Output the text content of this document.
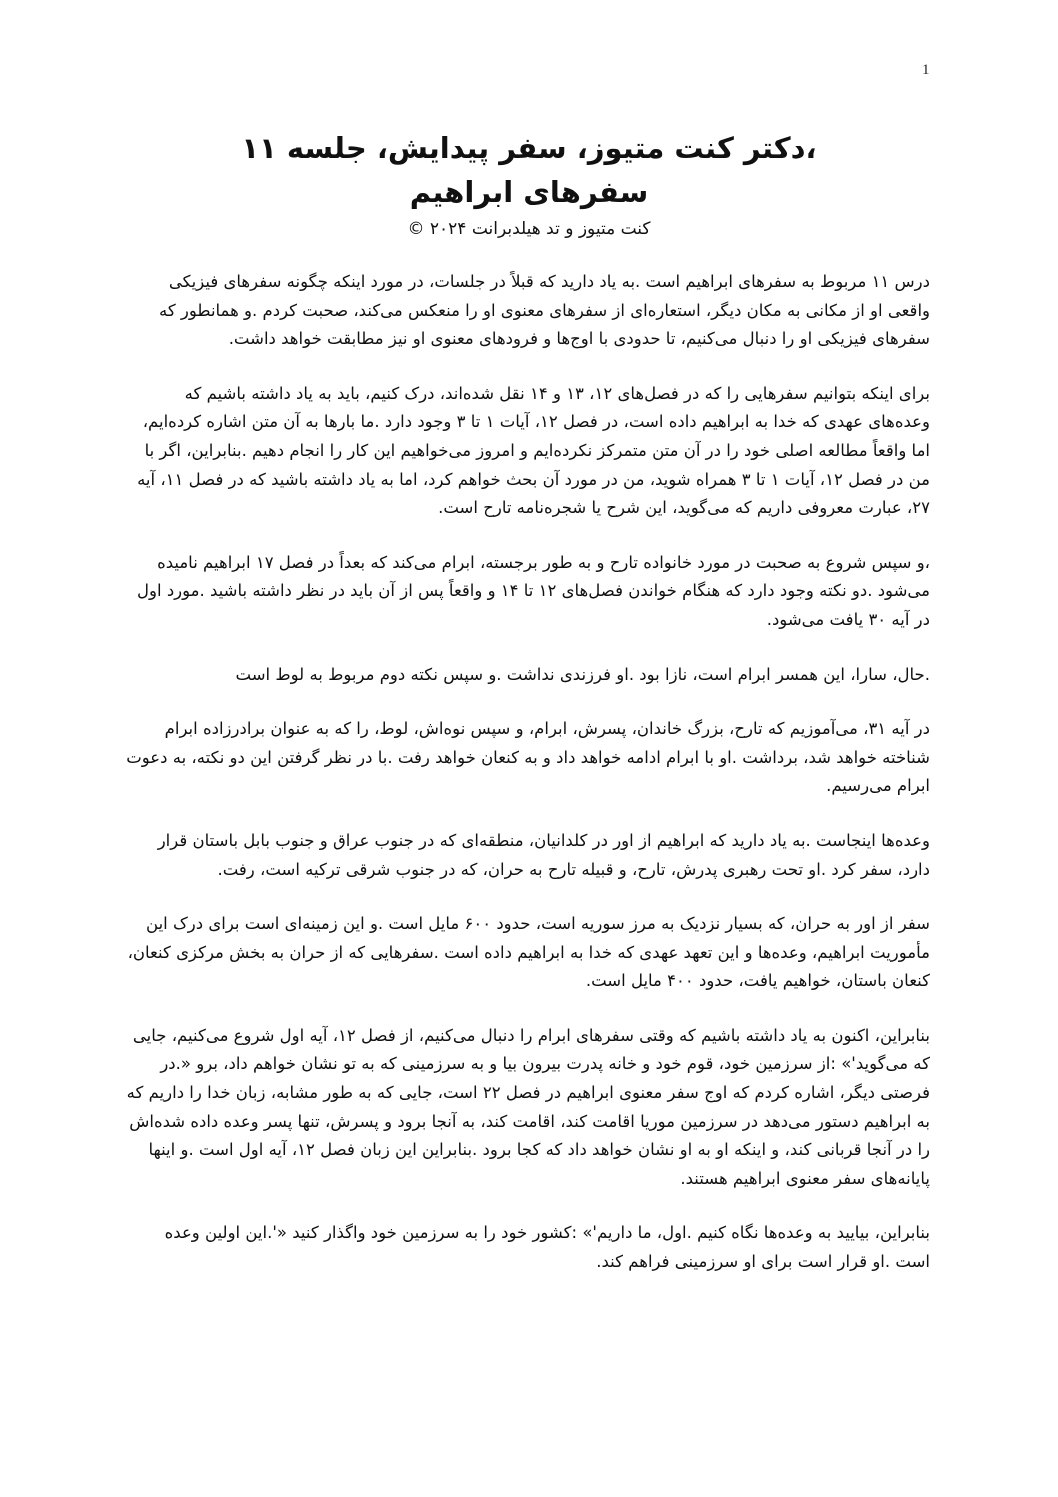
1
،دکتر کنت متیوز، سفر پیدایش، جلسه ۱۱
سفرهای ابراهیم
کنت متیوز و تد هیلدبرانت ۲۰۲۴ ©

درس ۱۱ مربوط به سفرهای ابراهیم است .به یاد دارید که قبلاً در جلسات، در مورد اینکه چگونه سفرهای فیزیکی واقعی او از مکانی به مکان دیگر، استعاره‌ای از سفرهای معنوی او را منعکس می‌کند، صحبت کردم .و همانطور که سفرهای فیزیکی او را دنبال می‌کنیم، تا حدودی با اوج‌ها و فرودهای معنوی او نیز مطابقت خواهد داشت.

برای اینکه بتوانیم سفرهایی را که در فصل‌های ۱۲، ۱۳ و ۱۴ نقل شده‌اند، درک کنیم، باید به یاد داشته باشیم که وعده‌های عهدی که خدا به ابراهیم داده است، در فصل ۱۲، آیات ۱ تا ۳ وجود دارد .ما بارها به آن متن اشاره کرده‌ایم، اما واقعاً مطالعه اصلی خود را در آن متن متمرکز نکرده‌ایم و امروز می‌خواهیم این کار را انجام دهیم .بنابراین، اگر با من در فصل ۱۲، آیات ۱ تا ۳ همراه شوید، من در مورد آن بحث خواهم کرد، اما به یاد داشته باشید که در فصل ۱۱، آیه ۲۷، عبارت معروفی داریم که می‌گوید، این شرح یا شجره‌نامه تارح است.

،و سپس شروع به صحبت در مورد خانواده تارح و به طور برجسته، ابرام می‌کند که بعداً در فصل ۱۷ ابراهیم نامیده می‌شود .دو نکته وجود دارد که هنگام خواندن فصل‌های ۱۲ تا ۱۴ و واقعاً پس از آن باید در نظر داشته باشید .مورد اول در آیه ۳۰ یافت می‌شود.

.حال، سارا، این همسر ابرام است، نازا بود .او فرزندی نداشت .و سپس نکته دوم مربوط به لوط است

در آیه ۳۱، می‌آموزیم که تارح، بزرگ خاندان، پسرش، ابرام، و سپس نوه‌اش، لوط، را که به عنوان برادرزاده ابرام شناخته خواهد شد، برداشت .او با ابرام ادامه خواهد داد و به کنعان خواهد رفت .با در نظر گرفتن این دو نکته، به دعوت ابرام می‌رسیم.

وعده‌ها اینجاست .به یاد دارید که ابراهیم از اور در کلدانیان، منطقه‌ای که در جنوب عراق و جنوب بابل باستان قرار دارد، سفر کرد .او تحت رهبری پدرش، تارح، و قبیله تارح به حران، که در جنوب شرقی ترکیه است، رفت.

سفر از اور به حران، که بسیار نزدیک به مرز سوریه است، حدود ۶۰۰ مایل است .و این زمینه‌ای است برای درک این مأموریت ابراهیم، وعده‌ها و این تعهد عهدی که خدا به ابراهیم داده است .سفرهایی که از حران به بخش مرکزی کنعان، کنعان باستان، خواهیم یافت، حدود ۴۰۰ مایل است.

بنابراین، اکنون به یاد داشته باشیم که وقتی سفرهای ابرام را دنبال می‌کنیم، از فصل ۱۲، آیه اول شروع می‌کنیم، جایی که می‌گوید'» :از سرزمین خود، قوم خود و خانه پدرت بیرون بیا و به سرزمینی که به تو نشان خواهم داد، برو «.در فرصتی دیگر، اشاره کردم که اوج سفر معنوی ابراهیم در فصل ۲۲ است، جایی که به طور مشابه، زبان خدا را داریم که به ابراهیم دستور می‌دهد در سرزمین موریا اقامت کند، اقامت کند، به آنجا برود و پسرش، تنها پسر وعده داده شده‌اش را در آنجا قربانی کند، و اینکه او به او نشان خواهد داد که کجا برود .بنابراین این زبان فصل ۱۲، آیه اول است .و اینها پایانه‌های سفر معنوی ابراهیم هستند.

بنابراین، بیایید به وعده‌ها نگاه کنیم .اول، ما داریم'» :کشور خود را به سرزمین خود واگذار کنید «'.این اولین وعده است .او قرار است برای او سرزمینی فراهم کند.
